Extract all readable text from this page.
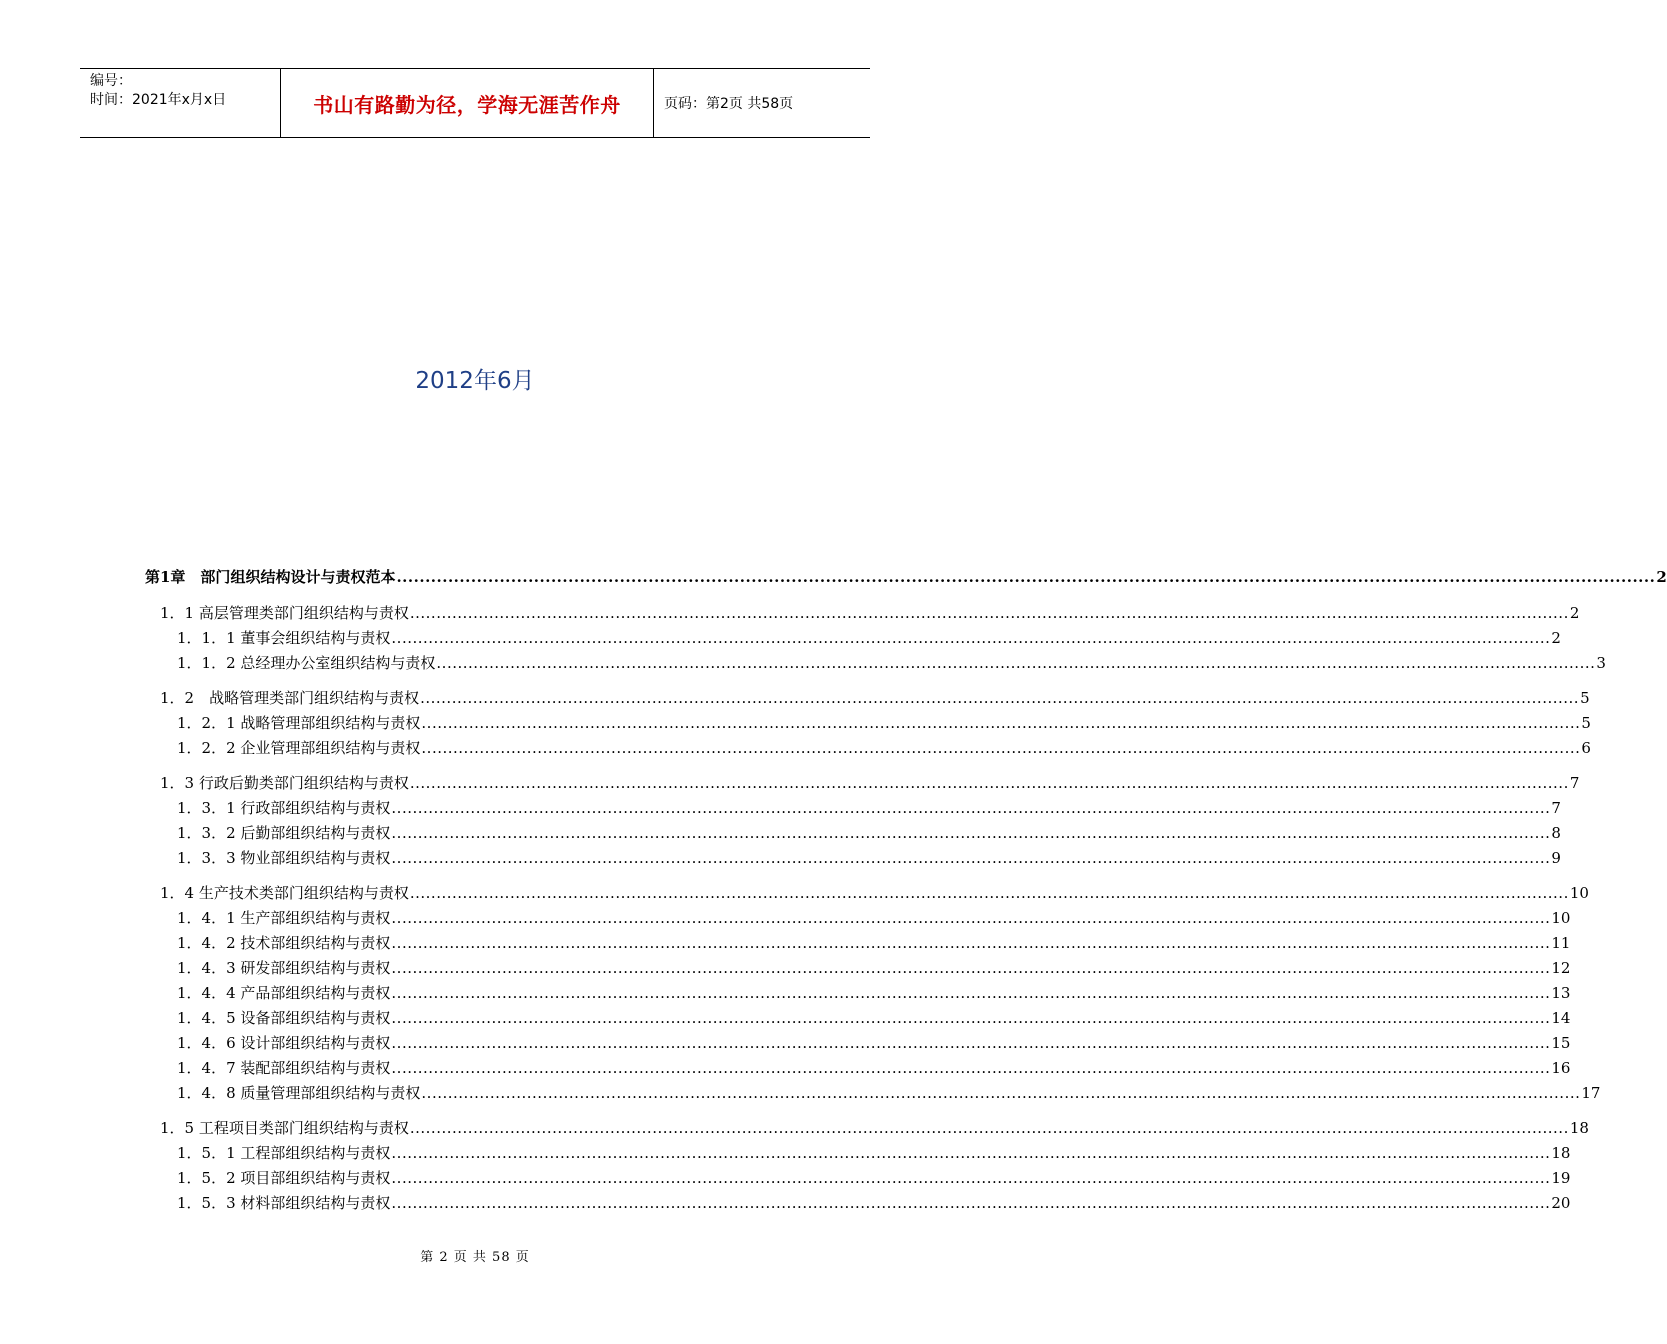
编号：
时间：2021年x月x日	书山有路勤为径，学海无涯苦作舟	页码：第2页 共58页
2012年6月
第1章　部门组织结构设计与责权范本 ............................................................................................................................................................................................................................ 2
1．1 高层管理类部门组织结构与责权 ............................................................................................................................................................................................................................ 2
1．1．1 董事会组织结构与责权 ............................................................................................................................................................................................................................ 2
1．1．2 总经理办公室组织结构与责权 ............................................................................................................................................................................................................................ 3
1．2　战略管理类部门组织结构与责权 ............................................................................................................................................................................................................................ 5
1．2．1 战略管理部组织结构与责权 ............................................................................................................................................................................................................................ 5
1．2．2 企业管理部组织结构与责权 ............................................................................................................................................................................................................................ 6
1．3 行政后勤类部门组织结构与责权 ............................................................................................................................................................................................................................ 7
1．3．1 行政部组织结构与责权 ............................................................................................................................................................................................................................ 7
1．3．2 后勤部组织结构与责权 ............................................................................................................................................................................................................................ 8
1．3．3 物业部组织结构与责权 ............................................................................................................................................................................................................................ 9
1．4 生产技术类部门组织结构与责权 ............................................................................................................................................................................................................................ 10
1．4．1 生产部组织结构与责权 ............................................................................................................................................................................................................................ 10
1．4．2 技术部组织结构与责权 ............................................................................................................................................................................................................................ 11
1．4．3 研发部组织结构与责权 ............................................................................................................................................................................................................................ 12
1．4．4 产品部组织结构与责权 ............................................................................................................................................................................................................................ 13
1．4．5 设备部组织结构与责权 ............................................................................................................................................................................................................................ 14
1．4．6 设计部组织结构与责权 ............................................................................................................................................................................................................................ 15
1．4．7 装配部组织结构与责权 ............................................................................................................................................................................................................................ 16
1．4．8 质量管理部组织结构与责权 ............................................................................................................................................................................................................................ 17
1．5 工程项目类部门组织结构与责权 ............................................................................................................................................................................................................................ 18
1．5．1 工程部组织结构与责权 ............................................................................................................................................................................................................................ 18
1．5．2 项目部组织结构与责权 ............................................................................................................................................................................................................................ 19
1．5．3 材料部组织结构与责权 ............................................................................................................................................................................................................................ 20
第 2 页 共 58 页
